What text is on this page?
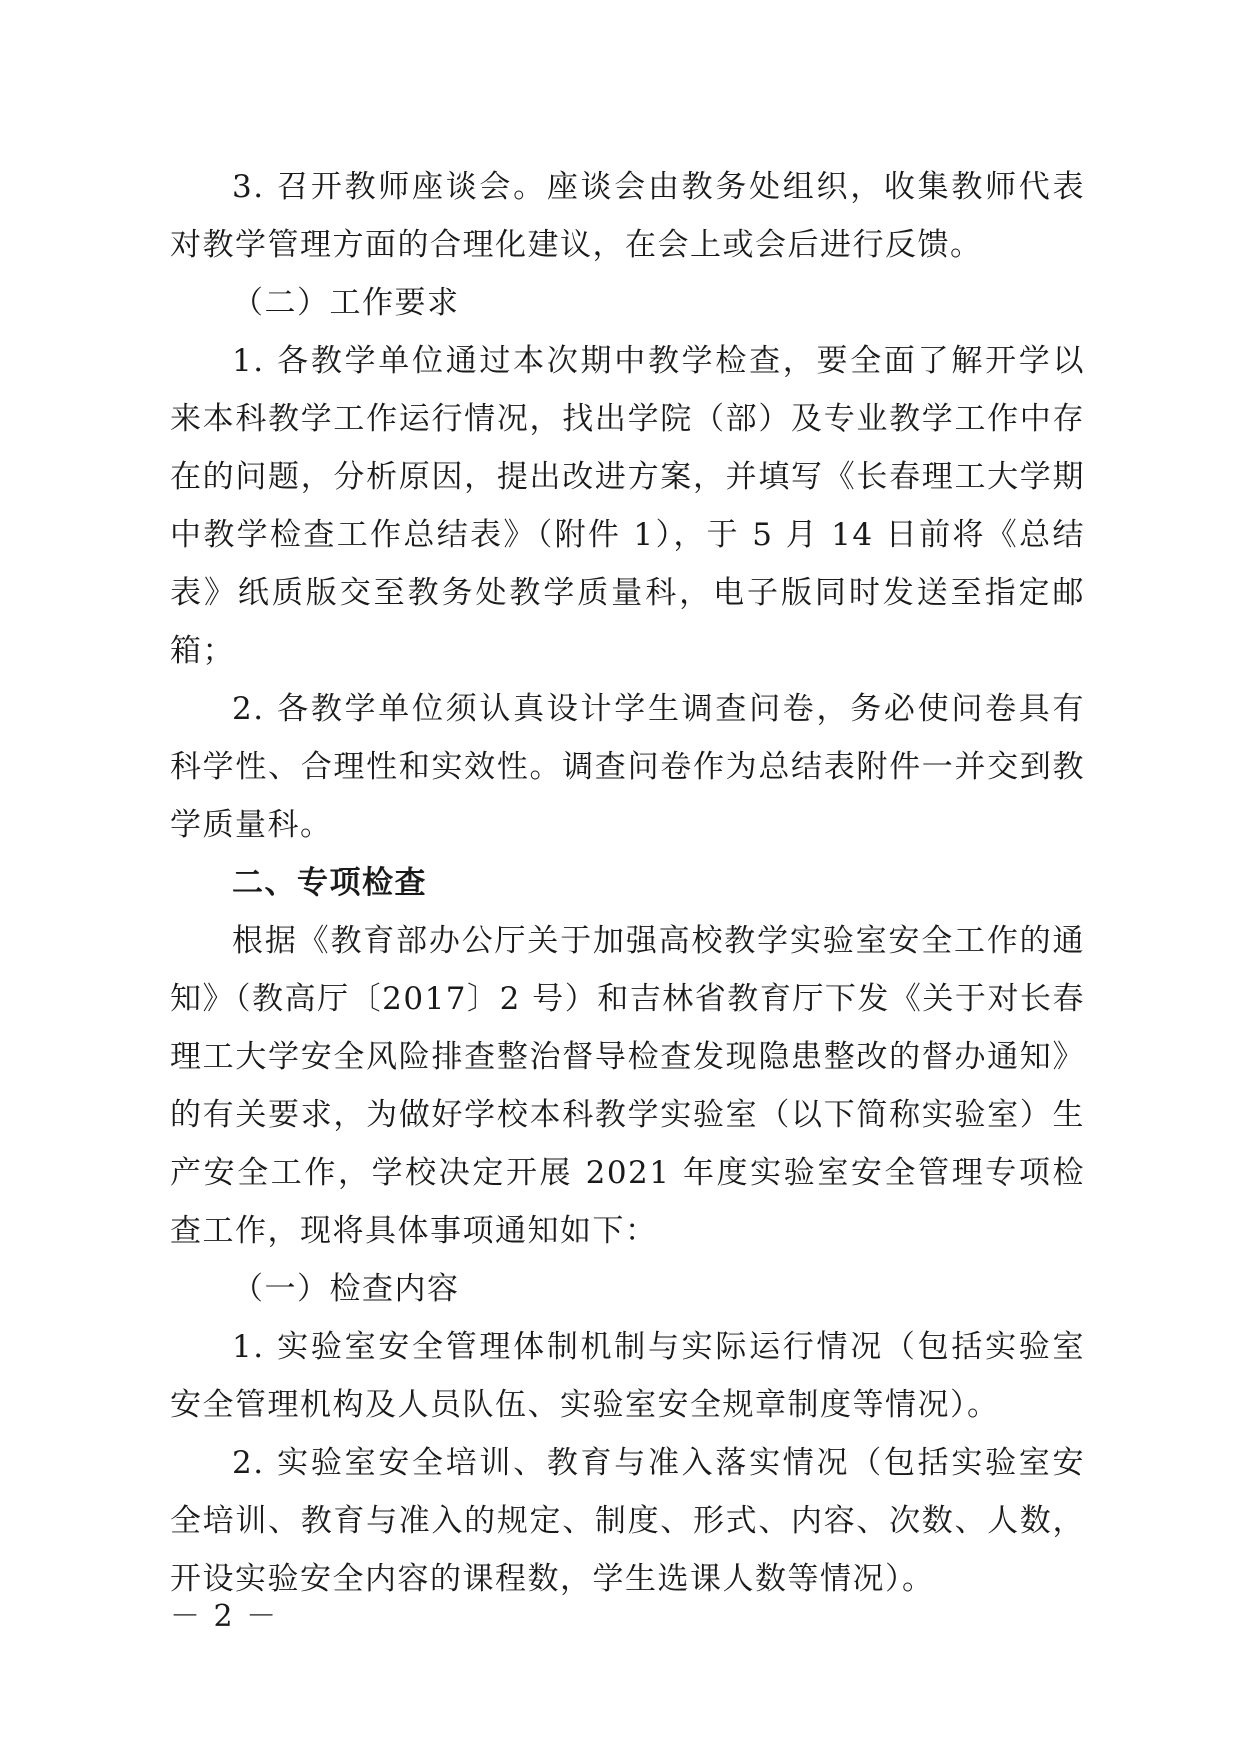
3. 召开教师座谈会。座谈会由教务处组织，收集教师代表对教学管理方面的合理化建议，在会上或会后进行反馈。

（二）工作要求

1. 各教学单位通过本次期中教学检查，要全面了解开学以来本科教学工作运行情况，找出学院（部）及专业教学工作中存在的问题，分析原因，提出改进方案，并填写《长春理工大学期中教学检查工作总结表》（附件 1），于 5 月 14 日前将《总结表》纸质版交至教务处教学质量科，电子版同时发送至指定邮箱；

2. 各教学单位须认真设计学生调查问卷，务必使问卷具有科学性、合理性和实效性。调查问卷作为总结表附件一并交到教学质量科。

二、专项检查

根据《教育部办公厅关于加强高校教学实验室安全工作的通知》（教高厅〔2017〕2 号）和吉林省教育厅下发《关于对长春理工大学安全风险排查整治督导检查发现隐患整改的督办通知》的有关要求，为做好学校本科教学实验室（以下简称实验室）生产安全工作，学校决定开展 2021 年度实验室安全管理专项检查工作，现将具体事项通知如下：

（一）检查内容

1. 实验室安全管理体制机制与实际运行情况（包括实验室安全管理机构及人员队伍、实验室安全规章制度等情况）。

2. 实验室安全培训、教育与准入落实情况（包括实验室安全培训、教育与准入的规定、制度、形式、内容、次数、人数，开设实验安全内容的课程数，学生选课人数等情况）。

－ 2 －
